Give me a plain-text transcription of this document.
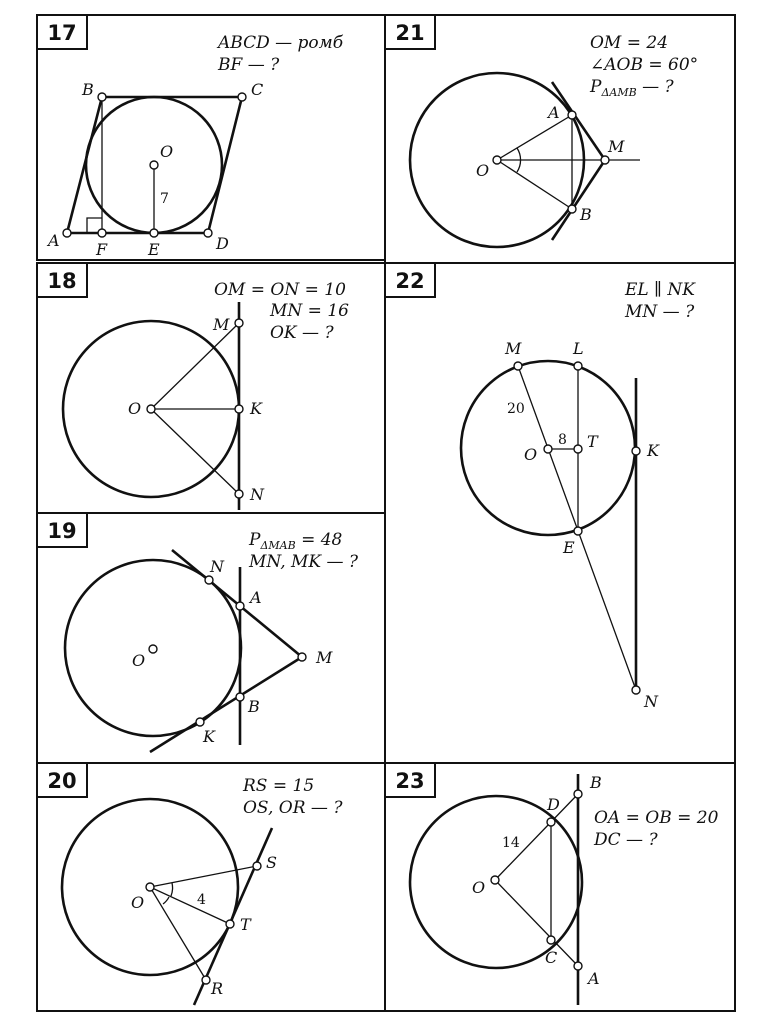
17	ABCD — ромб
BF — ?
A
B	C
D
O
F	E
7
21	OM = 24
∠AOB = 60°
$P_{\Delta AMB}$ — ?
A
M
O
B
18	OM = ON = 10
MN = 16
OK — ?
M
O	K
N
22	EL ∥ NK
MN — ?
M	L
O
T	K
E
N
20
8
19	$P_{\Delta MAB} = 48$
MN, MK — ?
N
A
M
O
B
K
20	RS = 15
OS, OR — ?
S
O
T
R
4
23
OA = OB = 20
DC — ?
B
D
O
C
A
14
